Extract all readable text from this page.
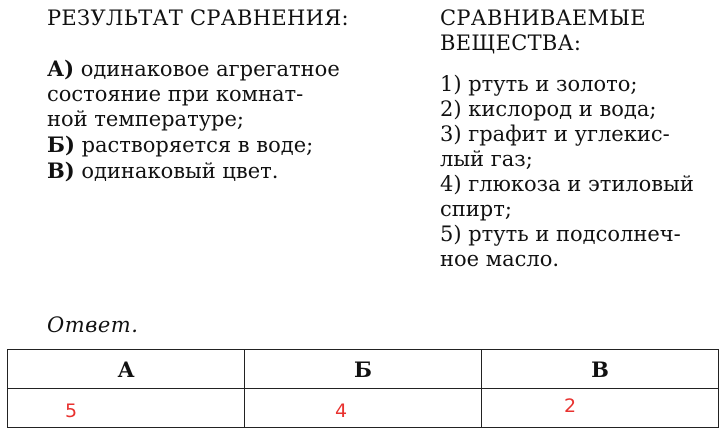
РЕЗУЛЬТАТ СРАВНЕНИЯ:
А) одинаковое агрегатное
состояние при комнат-
ной температуре;
Б) растворяется в воде;
В) одинаковый цвет.
СРАВНИВАЕМЫЕ ВЕЩЕСТВА:
1) ртуть и золото;
2) кислород и вода;
3) графит и углекис-
лый газ;
4) глюкоза и этиловый
спирт;
5) ртуть и подсолнеч-
ное масло.
Ответ.
А	Б	В
5	4	2
